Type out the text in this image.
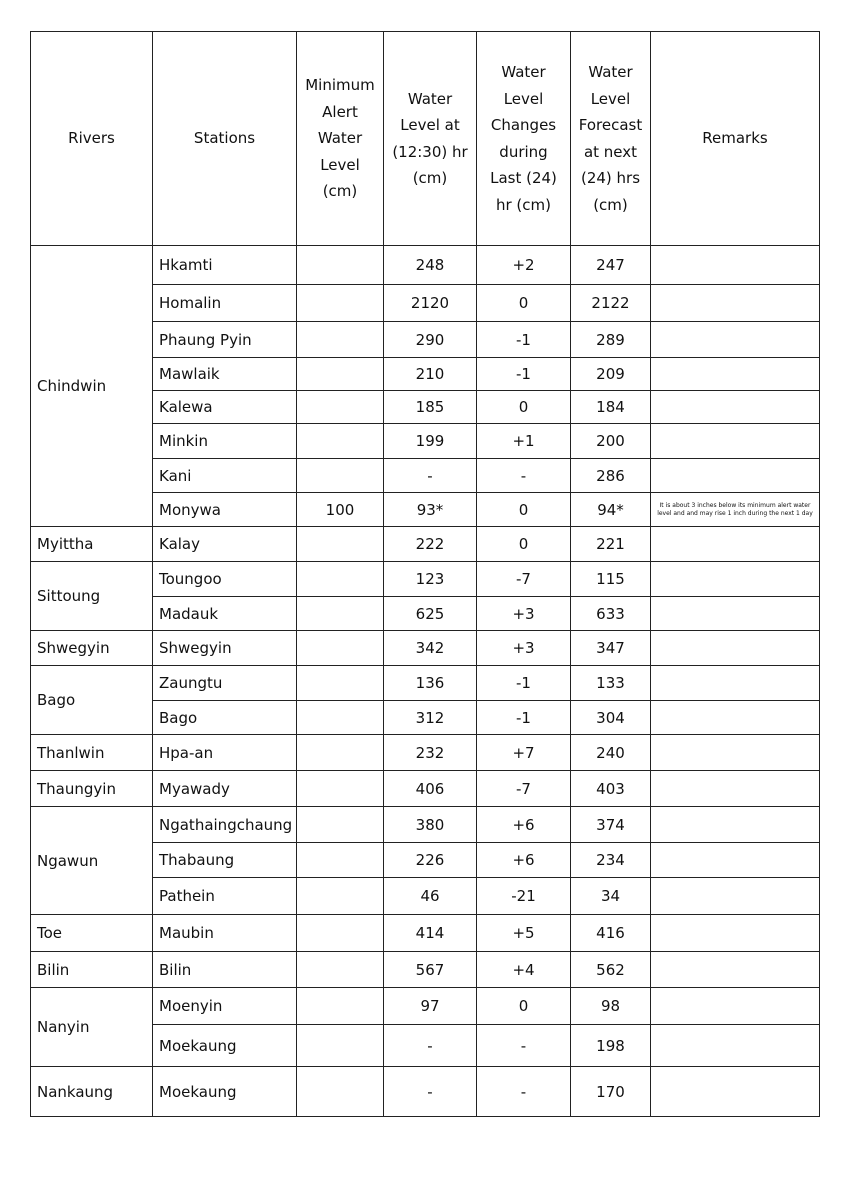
Rivers	Stations	Minimum Alert Water Level (cm)	Water Level at (12:30) hr (cm)	Water Level Changes during Last (24) hr (cm)	Water Level Forecast at next (24) hrs (cm)	Remarks
Chindwin	Hkamti		248	+2	247	
	Homalin		2120	0	2122	
	Phaung Pyin		290	-1	289	
	Mawlaik		210	-1	209	
	Kalewa		185	0	184	
	Minkin		199	+1	200	
	Kani		-	-	286	
	Monywa	100	93*	0	94*	It is about 3 inches below its minimum alert water level and and may rise 1 inch during the next 1 day
Myittha	Kalay		222	0	221	
Sittoung	Toungoo		123	-7	115	
	Madauk		625	+3	633	
Shwegyin	Shwegyin		342	+3	347	
Bago	Zaungtu		136	-1	133	
	Bago		312	-1	304	
Thanlwin	Hpa-an		232	+7	240	
Thaungyin	Myawady		406	-7	403	
Ngawun	Ngathaingchaung		380	+6	374	
	Thabaung		226	+6	234	
	Pathein		46	-21	34	
Toe	Maubin		414	+5	416	
Bilin	Bilin		567	+4	562	
Nanyin	Moenyin		97	0	98	
	Moekaung		-	-	198	
Nankaung	Moekaung		-	-	170	
